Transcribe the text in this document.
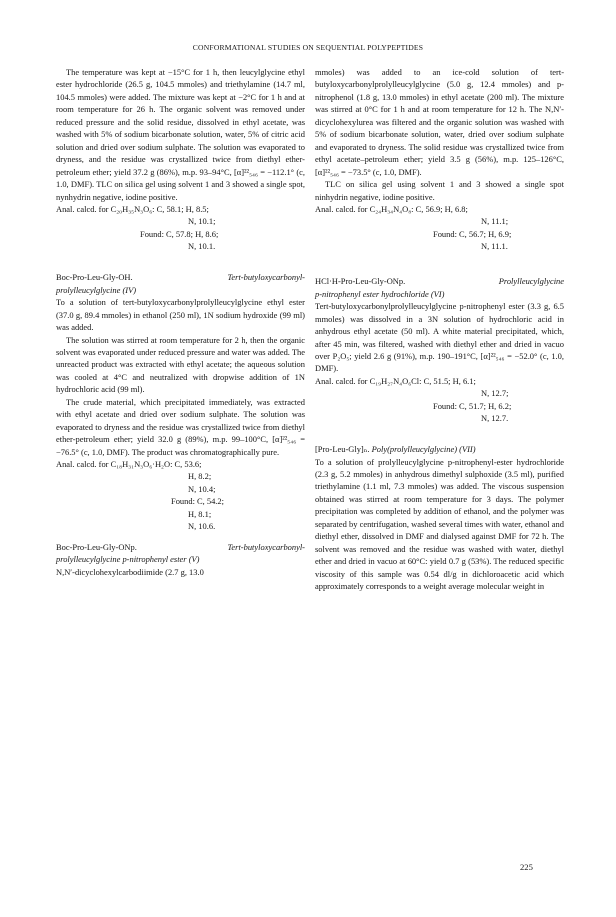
CONFORMATIONAL STUDIES ON SEQUENTIAL POLYPEPTIDES

The temperature was kept at −15°C for 1 h, then leucylglycine ethyl ester hydrochloride (26.5 g, 104.5 mmoles) and triethylamine (14.7 ml, 104.5 mmoles) were added. The mixture was kept at −2°C for 1 h and at room temperature for 26 h. The organic solvent was removed under reduced pressure and the solid residue, dissolved in ethyl acetate, was washed with 5% of sodium bicarbonate solution, water, 5% of citric acid solution and dried over sodium sulphate. The solution was evaporated to dryness, and the residue was crystallized twice from diethyl ether-petroleum ether; yield 37.2 g (86%), m.p. 93–94°C, [α]²²₅₄₆ = −112.1° (c, 1.0, DMF). TLC on silica gel using solvent 1 and 3 showed a single spot, nynhydrin negative, iodine positive.

Anal. calcd. for C₂₀H₃₅N₃O₆: C, 58.1; H, 8.5;

N, 10.1;

Found: C, 57.8; H, 8.6;

N, 10.1.

Boc-Pro-Leu-Gly-OH.	Tert-butyloxycarbonyl-

prolylleucylglycine (IV)

To a solution of tert-butyloxycarbonylprolylleucylglycine ethyl ester (37.0 g, 89.4 mmoles) in ethanol (250 ml), 1N sodium hydroxide (99 ml) was added.

The solution was stirred at room temperature for 2 h, then the organic solvent was evaporated under reduced pressure and water was added. The unreacted product was extracted with ethyl acetate; the aqueous solution was cooled at 4°C and neutralized with dropwise addition of 1N hydrochloric acid (99 ml).

The crude material, which precipitated immediately, was extracted with ethyl acetate and dried over sodium sulphate. The solution was evaporated to dryness and the residue was crystallized twice from diethyl ether-petroleum ether; yield 32.0 g (89%), m.p. 99–100°C, [α]²²₅₄₆ = −76.5° (c, 1.0, DMF). The product was chromatographically pure.

Anal. calcd. for C₁₈H₃₁N₃O₆·H₂O: C, 53.6;

H, 8.2;

N, 10.4;

Found: C, 54.2;

H, 8.1;

N, 10.6.

Boc-Pro-Leu-Gly-ONp.	Tert-butyloxycarbonyl-

prolylleucylglycine p-nitrophenyl ester (V)

N,N′-dicyclohexylcarbodiimide (2.7 g, 13.0

mmoles) was added to an ice-cold solution of tert-butyloxycarbonylprolylleucylglycine (5.0 g, 12.4 mmoles) and p-nitrophenol (1.8 g, 13.0 mmoles) in ethyl acetate (200 ml). The mixture was stirred at 0°C for 1 h and at room temperature for 12 h. The N,N′-dicyclohexylurea was filtered and the organic solution was washed with 5% of sodium bicarbonate solution, water, dried over sodium sulphate and evaporated to dryness. The solid residue was crystallized twice from ethyl acetate–petroleum ether; yield 3.5 g (56%), m.p. 125–126°C, [α]²²₅₄₆ = −73.5° (c, 1.0, DMF).

TLC on silica gel using solvent 1 and 3 showed a single spot ninhydrin negative, iodine positive.

Anal. calcd. for C₂₄H₃₄N₄O₈: C, 56.9; H, 6.8;

N, 11.1;

Found: C, 56.7; H, 6.9;

N, 11.1.

HCl·H-Pro-Leu-Gly-ONp.	Prolylleucylglycine

p-nitrophenyl ester hydrochloride (VI)

Tert-butyloxycarbonylprolylleucylglycine p-nitrophenyl ester (3.3 g, 6.5 mmoles) was dissolved in a 3N solution of hydrochloric acid in anhydrous ethyl acetate (50 ml). A white material precipitated, which, after 45 min, was filtered, washed with diethyl ether and dried in vacuo over P₂O₅; yield 2.6 g (91%), m.p. 190–191°C, [α]²²₅₄₆ = −52.0° (c, 1.0, DMF).

Anal. calcd. for C₁₉H₂₇N₄O₆Cl: C, 51.5; H, 6.1;

N, 12.7;

Found: C, 51.7; H, 6.2;

N, 12.7.

[Pro-Leu-Gly]ₙ. Poly(prolylleucylglycine) (VII)

To a solution of prolylleucylglycine p-nitrophenyl-ester hydrochloride (2.3 g, 5.2 mmoles) in anhydrous dimethyl sulphoxide (3.5 ml), purified triethylamine (1.1 ml, 7.3 mmoles) was added. The viscous suspension obtained was stirred at room temperature for 3 days. The polymer precipitation was completed by addition of ethanol, and the polymer was separated by centrifugation, washed several times with water, ethanol and diethyl ether, dissolved in DMF and dialysed against DMF for 72 h. The solvent was removed and the residue was washed with water, diethyl ether and dried in vacuo at 60°C: yield 0.7 g (53%). The reduced specific viscosity of this sample was 0.54 dl/g in dichloroacetic acid which approximately corresponds to a weight average molecular weight in

225
